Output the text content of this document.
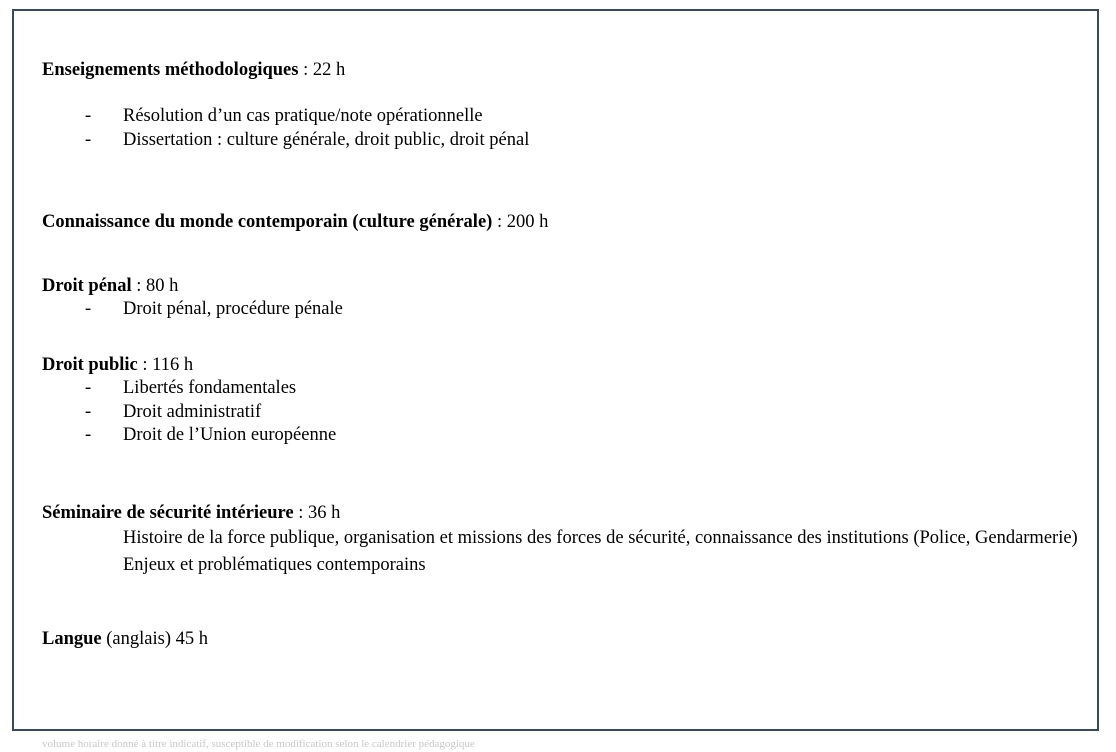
Enseignements méthodologiques : 22 h
- Résolution d’un cas pratique/note opérationnelle
- Dissertation : culture générale, droit public, droit pénal
Connaissance du monde contemporain (culture générale) : 200 h
Droit pénal : 80 h
- Droit pénal, procédure pénale
Droit public : 116 h
- Libertés fondamentales
- Droit administratif
- Droit de l’Union européenne
Séminaire de sécurité intérieure : 36 h
Histoire de la force publique, organisation et missions des forces de sécurité, connaissance des institutions (Police, Gendarmerie) Enjeux et problématiques contemporains
Langue (anglais) 45 h
volume horaire donné à titre indicatif, susceptible de modification selon le calendrier pédagogique
